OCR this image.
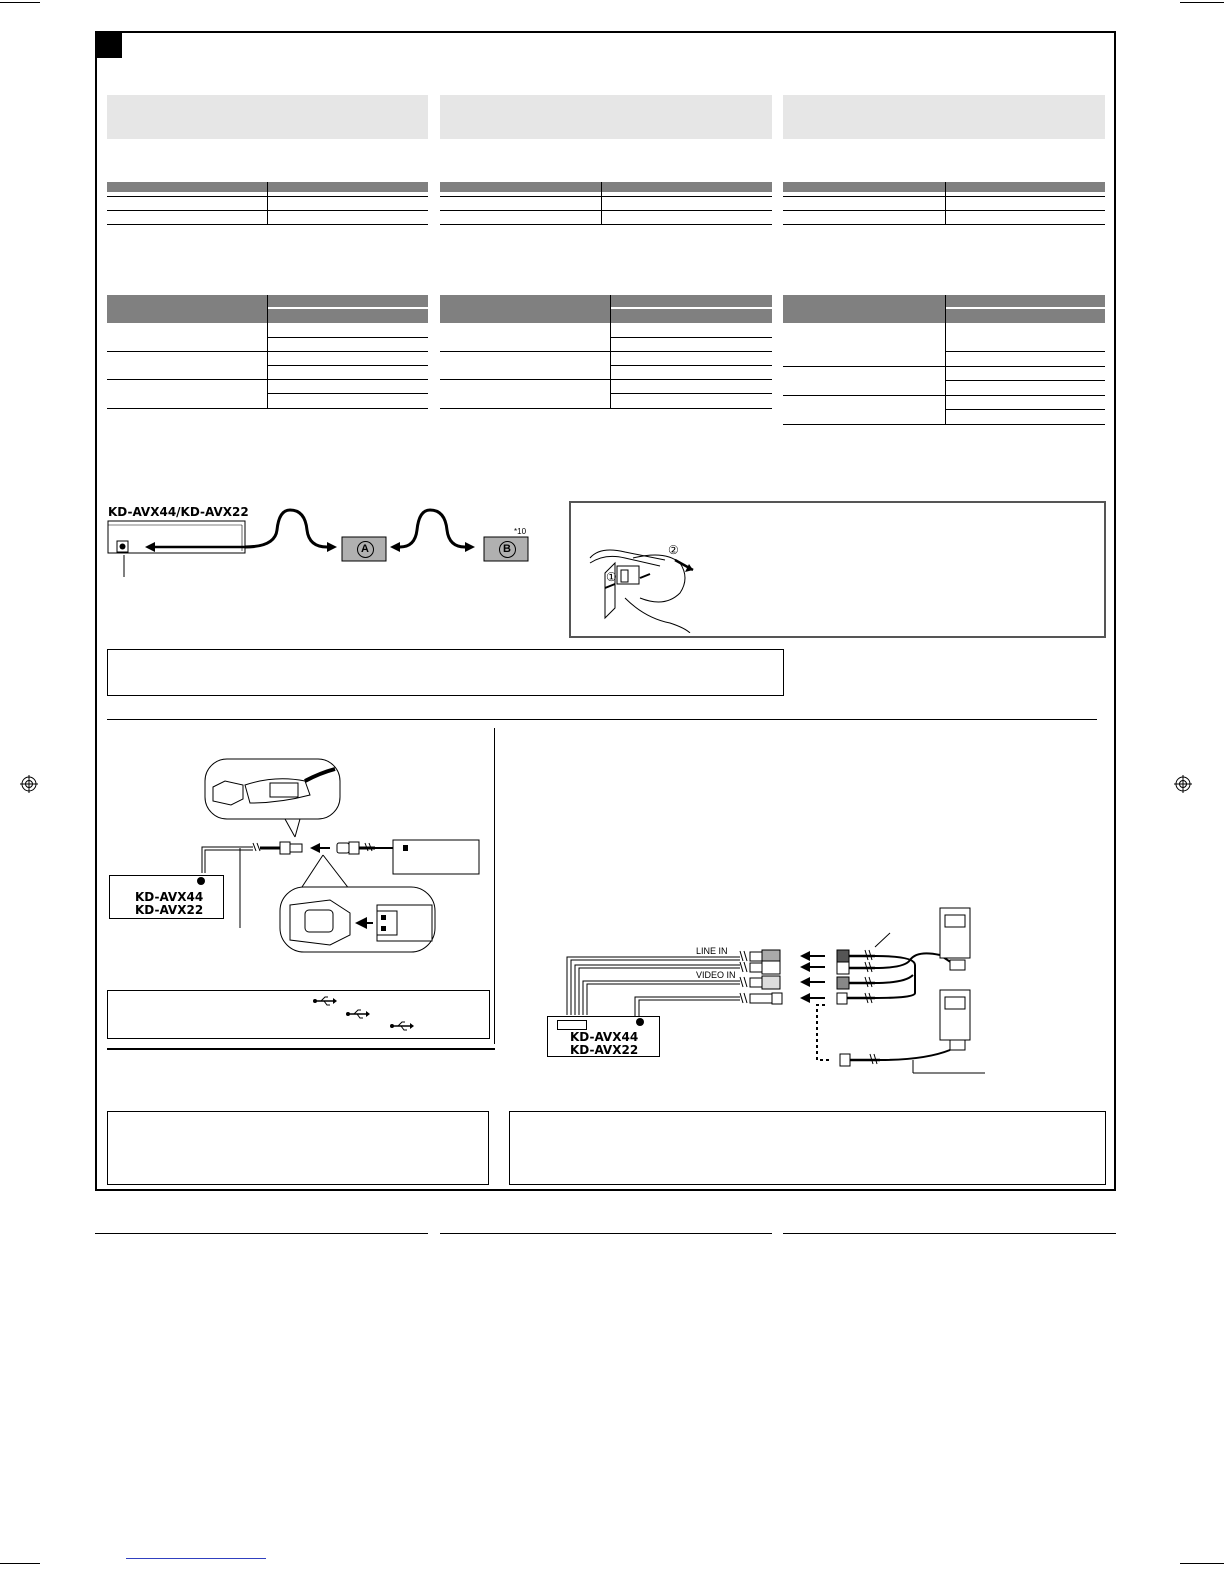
KD-AVX44/KD-AVX22
A	B
*10
①
②
KD-AVX44
KD-AVX22
LINE IN
VIDEO IN
KD-AVX44
KD-AVX22
